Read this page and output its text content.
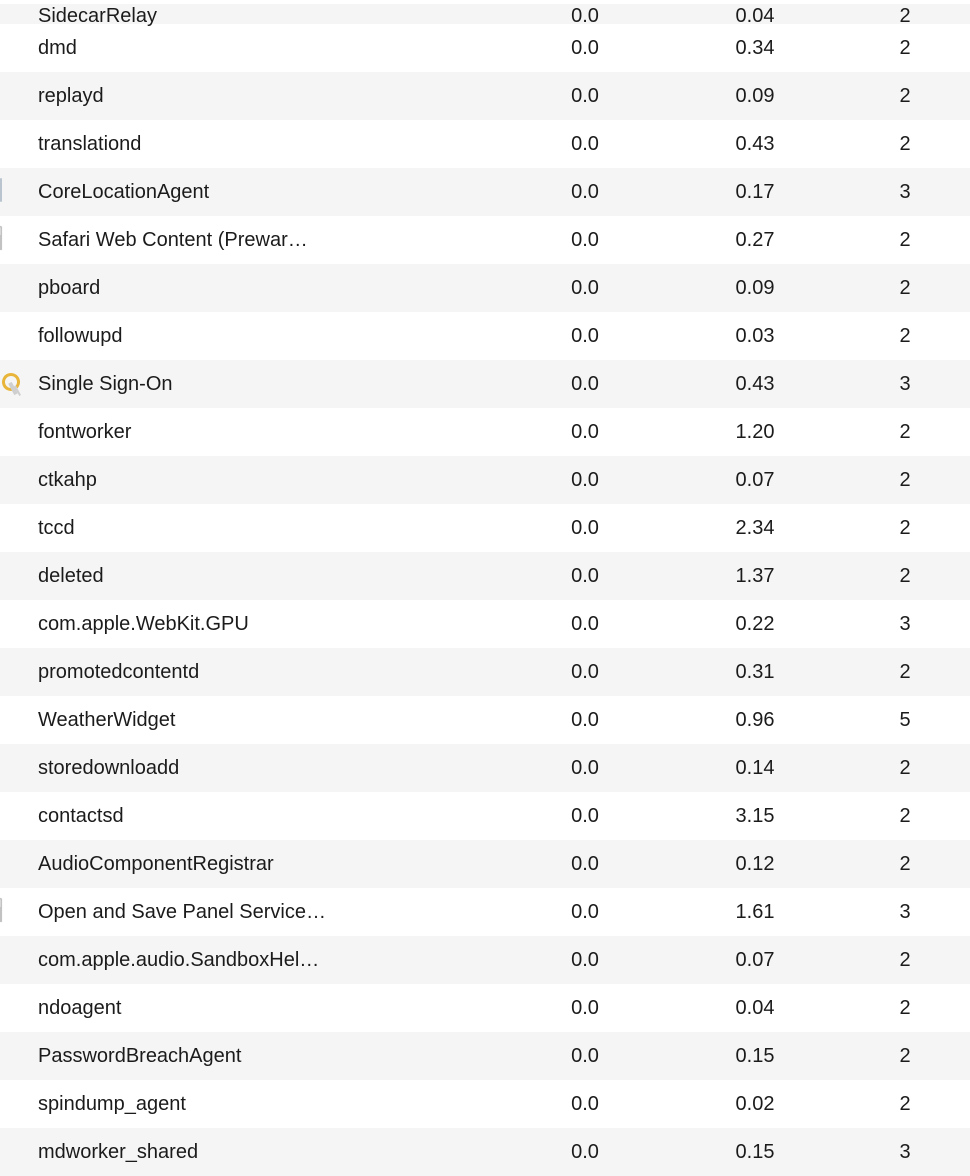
	SidecarRelay	0.0	0.04	2
	dmd	0.0	0.34	2
	replayd	0.0	0.09	2
	translationd	0.0	0.43	2
	CoreLocationAgent	0.0	0.17	3
	Safari Web Content (Prewar…	0.0	0.27	2
	pboard	0.0	0.09	2
	followupd	0.0	0.03	2
	Single Sign-On	0.0	0.43	3
	fontworker	0.0	1.20	2
	ctkahp	0.0	0.07	2
	tccd	0.0	2.34	2
	deleted	0.0	1.37	2
	com.apple.WebKit.GPU	0.0	0.22	3
	promotedcontentd	0.0	0.31	2
	WeatherWidget	0.0	0.96	5
	storedownloadd	0.0	0.14	2
	contactsd	0.0	3.15	2
	AudioComponentRegistrar	0.0	0.12	2
	Open and Save Panel Service…	0.0	1.61	3
	com.apple.audio.SandboxHel…	0.0	0.07	2
	ndoagent	0.0	0.04	2
	PasswordBreachAgent	0.0	0.15	2
	spindump_agent	0.0	0.02	2
	mdworker_shared	0.0	0.15	3
